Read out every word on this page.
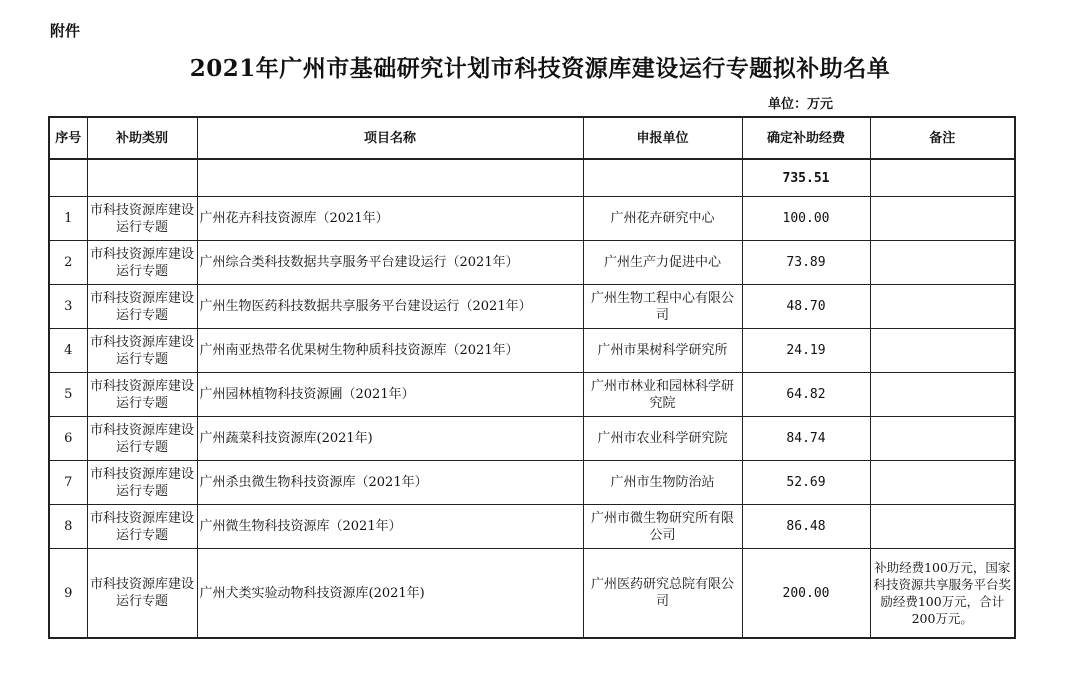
附件
2021年广州市基础研究计划市科技资源库建设运行专题拟补助名单
单位：万元
序号	补助类别	项目名称	申报单位	确定补助经费	备注
				735.51	
1	市科技资源库建设运行专题	广州花卉科技资源库（2021年）	广州花卉研究中心	100.00	
2	市科技资源库建设运行专题	广州综合类科技数据共享服务平台建设运行（2021年）	广州生产力促进中心	73.89	
3	市科技资源库建设运行专题	广州生物医药科技数据共享服务平台建设运行（2021年）	广州生物工程中心有限公司	48.70	
4	市科技资源库建设运行专题	广州南亚热带名优果树生物种质科技资源库（2021年）	广州市果树科学研究所	24.19	
5	市科技资源库建设运行专题	广州园林植物科技资源圃（2021年）	广州市林业和园林科学研究院	64.82	
6	市科技资源库建设运行专题	广州蔬菜科技资源库(2021年)	广州市农业科学研究院	84.74	
7	市科技资源库建设运行专题	广州杀虫微生物科技资源库（2021年）	广州市生物防治站	52.69	
8	市科技资源库建设运行专题	广州微生物科技资源库（2021年）	广州市微生物研究所有限公司	86.48	
9	市科技资源库建设运行专题	广州犬类实验动物科技资源库(2021年)	广州医药研究总院有限公司	200.00	补助经费100万元，国家科技资源共享服务平台奖励经费100万元，合计200万元。
